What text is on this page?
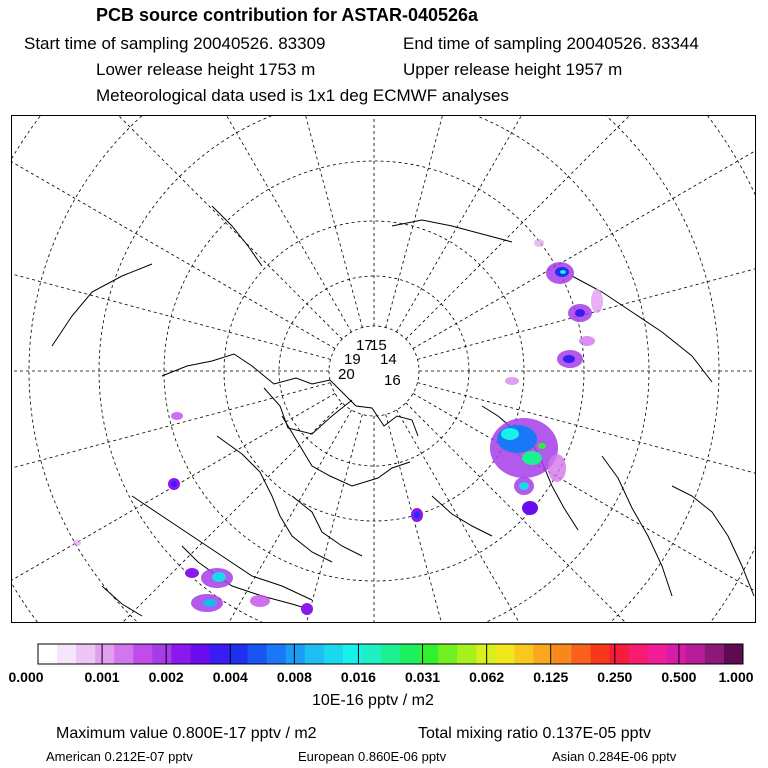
PCB source contribution for ASTAR-040526a
Start time of sampling 20040526. 83309	End time of sampling 20040526. 83344
Lower release height 1753 m	Upper release height 1957 m
Meteorological data used is 1x1 deg ECMWF analyses
17
15
19 14
20 16
0.000	0.001 0.002 0.004 0.008 0.016 0.031 0.062 0.125 0.250 0.500 1.000
10E-16 pptv / m2
Maximum value 0.800E-17 pptv / m2	Total mixing ratio 0.137E-05 pptv
American 0.212E-07 pptv	European 0.860E-06 pptv	Asian 0.284E-06 pptv
